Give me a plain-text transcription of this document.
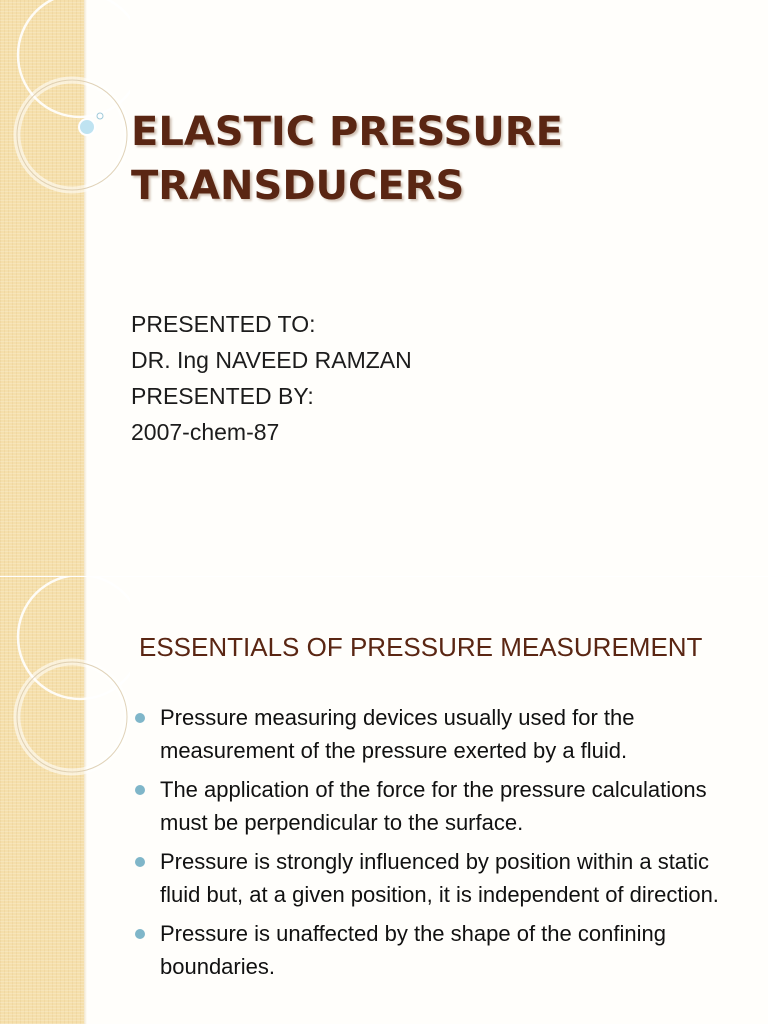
ELASTIC PRESSURE
TRANSDUCERS
PRESENTED TO:
DR. Ing NAVEED RAMZAN
PRESENTED BY:
2007-chem-87
ESSENTIALS OF PRESSURE MEASUREMENT
Pressure measuring devices usually used for the measurement of the pressure exerted by a fluid.
The application of the force for the pressure calculations must be perpendicular to the surface.
Pressure is strongly influenced by position within a static fluid but, at a given position, it is independent of direction.
Pressure is unaffected by the shape of the confining boundaries.
